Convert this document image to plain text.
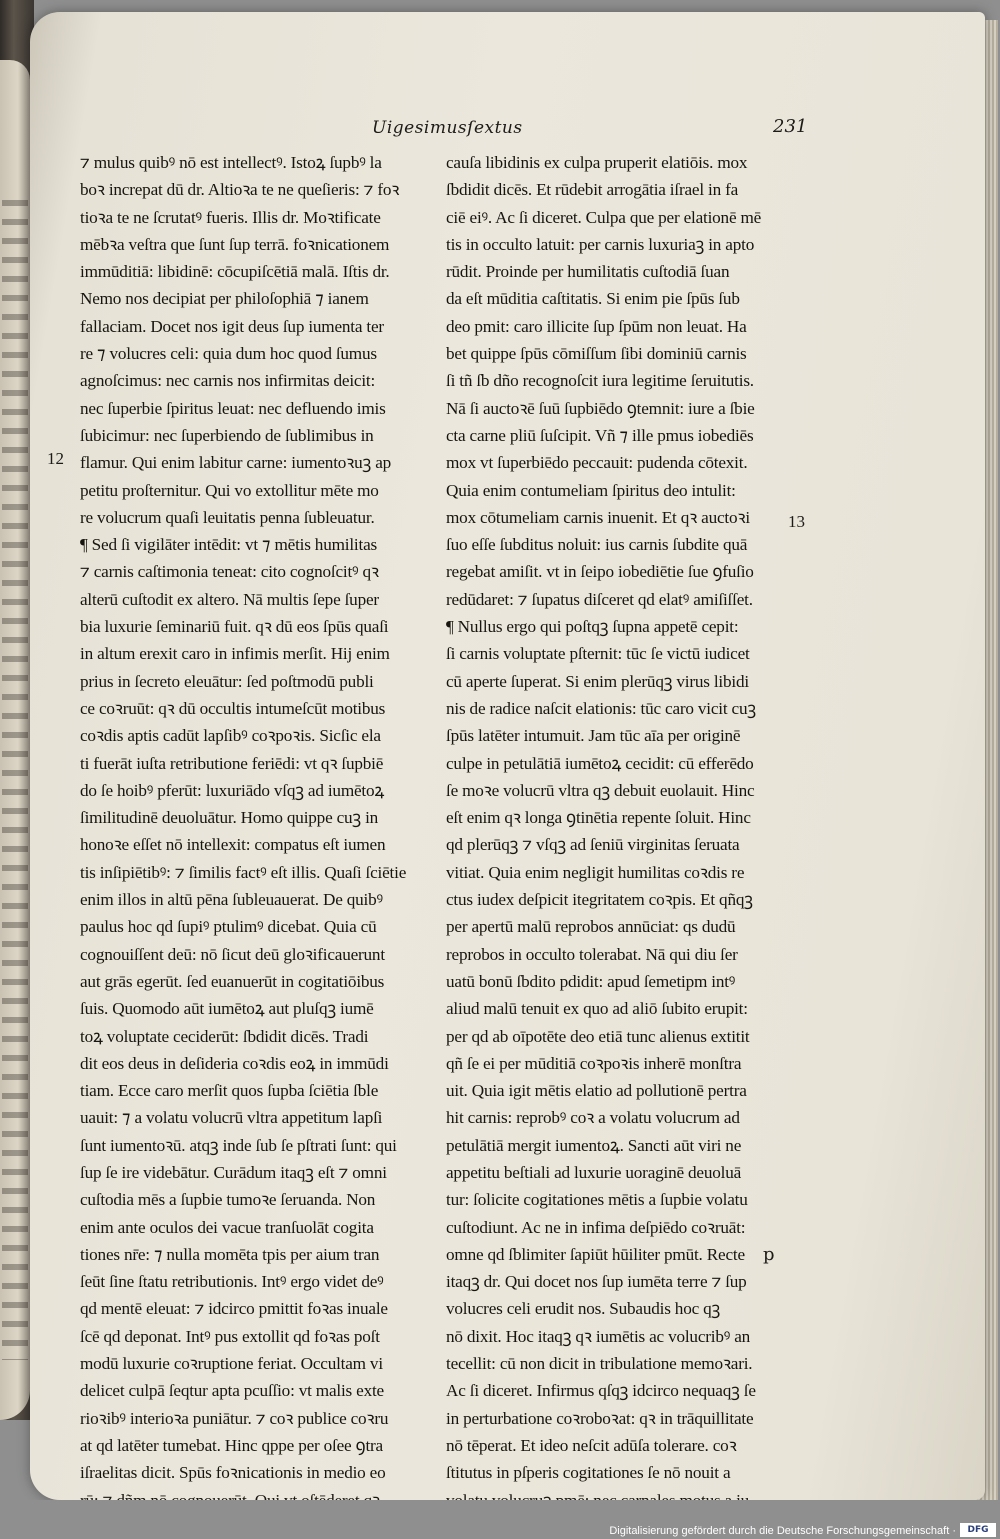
Uigesimusſextus	231
12
13
⁊ mulus quibꝰ nō est intellectꝰ. Istoꝝ ſupbꝰ la
boꝛ increpat dū dr. Altioꝛa te ne queſieris: ⁊ foꝛ
tioꝛa te ne ſcrutatꝰ fueris. Illis dr. Moꝛtificate
mēbꝛa veſtra que ſunt ſup terrā. foꝛnicationem
immūditiā: libidinē: cōcupiſcētiā malā. Iſtis dr.
Nemo nos decipiat per philoſophiā ⁊ ianem
fallaciam. Docet nos igit deus ſup iumenta ter
re ⁊ volucres celi: quia dum hoc quod ſumus
agnoſcimus: nec carnis nos infirmitas deicit:
nec ſuperbie ſpiritus leuat: nec defluendo imis
ſubicimur: nec ſuperbiendo de ſublimibus in
flamur. Qui enim labitur carne: iumentoꝛuꝫ ap
petitu proſternitur. Qui vo extollitur mēte mo
re volucrum quaſi leuitatis penna ſubleuatur.
¶ Sed ſi vigilāter intēdit: vt ⁊ mētis humilitas
⁊ carnis caſtimonia teneat: cito cognoſcitꝰ qꝛ
alterū cuſtodit ex altero. Nā multis ſepe ſuper
bia luxurie ſeminariū fuit. qꝛ dū eos ſpūs quaſi
in altum erexit caro in infimis merſit. Hij enim
prius in ſecreto eleuātur: ſed poſtmodū publi
ce coꝛruūt: qꝛ dū occultis intumeſcūt motibus
coꝛdis aptis cadūt lapſibꝰ coꝛpoꝛis. Sicſic ela
ti fuerāt iuſta retributione feriēdi: vt qꝛ ſupbiē
do ſe hoibꝰ pferūt: luxuriādo vſqꝫ ad iumētoꝝ
ſimilitudinē deuoluātur. Homo quippe cuꝫ in
honoꝛe eſſet nō intellexit: compatus eſt iumen
tis inſipiētibꝰ: ⁊ ſimilis factꝰ eſt illis. Quaſi ſciētie
enim illos in altū pēna ſubleuauerat. De quibꝰ
paulus hoc qd ſupiꝰ ptulimꝰ dicebat. Quia cū
cognouiſſent deū: nō ſicut deū gloꝛificauerunt
aut grās egerūt. ſed euanuerūt in cogitatiōibus
ſuis. Quomodo aūt iumētoꝝ aut pluſqꝫ iumē
toꝝ voluptate ceciderūt: ſbdidit dicēs. Tradi
dit eos deus in deſideria coꝛdis eoꝝ in immūdi
tiam. Ecce caro merſit quos ſupba ſciētia ſble
uauit: ⁊ a volatu volucrū vltra appetitum lapſi
ſunt iumentoꝛū. atqꝫ inde ſub ſe pſtrati ſunt: qui
ſup ſe ire videbātur. Curādum itaqꝫ eſt ⁊ omni
cuſtodia mēs a ſupbie tumoꝛe ſeruanda. Non
enim ante oculos dei vacue tranſuolāt cogita
tiones nr̄e: ⁊ nulla momēta tpis per aium tran
ſeūt ſine ſtatu retributionis. Intꝰ ergo videt deꝰ
qd mentē eleuat: ⁊ idcirco pmittit foꝛas inuale
ſcē qd deponat. Intꝰ pus extollit qd foꝛas poſt
modū luxurie coꝛruptione feriat. Occultam vi
delicet culpā ſeqtur apta pcuſſio: vt malis exte
rioꝛibꝰ interioꝛa puniātur. ⁊ coꝛ publice coꝛru
at qd latēter tumebat. Hinc qppe per oſee ꝯtra
iſraelitas dicit. Spūs foꝛnicationis in medio eo
cauſa libidinis ex culpa pruperit elatiōis. mox
ſbdidit dicēs. Et rūdebit arrogātia iſrael in fa
ciē eiꝰ. Ac ſi diceret. Culpa que per elationē mē
tis in occulto latuit: per carnis luxuriaꝫ in apto
rūdit. Proinde per humilitatis cuſtodiā ſuan
da eſt mūditia caſtitatis. Si enim pie ſpūs ſub
deo pmit: caro illicite ſup ſpūm non leuat. Ha
bet quippe ſpūs cōmiſſum ſibi dominiū carnis
ſi tñ ſb dño recognoſcit iura legitime ſeruitutis.
Nā ſi auctoꝛē ſuū ſupbiēdo ꝯtemnit: iure a ſbie
cta carne pliū ſuſcipit. Vñ ⁊ ille pmus iobediēs
mox vt ſuperbiēdo peccauit: pudenda cōtexit.
Quia enim contumeliam ſpiritus deo intulit:
mox cōtumeliam carnis inuenit. Et qꝛ auctoꝛi
ſuo eſſe ſubditus noluit: ius carnis ſubdite quā
regebat amiſit. vt in ſeipo iobediētie ſue ꝯfuſio
redūdaret: ⁊ ſupatus diſceret qd elatꝰ amiſiſſet.
¶ Nullus ergo qui poſtqꝫ ſupna appetē cepit:
ſi carnis voluptate pſternit: tūc ſe victū iudicet
cū aperte ſuperat. Si enim plerūqꝫ virus libidi
nis de radice naſcit elationis: tūc caro vicit cuꝫ
ſpūs latēter intumuit. Jam tūc aīa per originē
culpe in petulātiā iumētoꝝ cecidit: cū efferēdo
ſe moꝛe volucrū vltra qꝫ debuit euolauit. Hinc
eſt enim qꝛ longa ꝯtinētia repente ſoluit. Hinc
qd plerūqꝫ ⁊ vſqꝫ ad ſeniū virginitas ſeruata
vitiat. Quia enim negligit humilitas coꝛdis re
ctus iudex deſpicit itegritatem coꝛpis. Et qñqꝫ
per apertū malū reprobos annūciat: qs dudū
reprobos in occulto tolerabat. Nā qui diu ſer
uatū bonū ſbdito pdidit: apud ſemetipm intꝰ
aliud malū tenuit ex quo ad aliō ſubito erupit:
per qd ab oīpotēte deo etiā tunc alienus extitit
qñ ſe ei per mūditiā coꝛpoꝛis inherē monſtra
uit. Quia igit mētis elatio ad pollutionē pertra
hit carnis: reprobꝰ coꝛ a volatu volucrum ad
petulātiā mergit iumentoꝝ. Sancti aūt viri ne
appetitu beſtiali ad luxurie uoraginē deuoluā
tur: ſolicite cogitationes mētis a ſupbie volatu
cuſtodiunt. Ac ne in infima deſpiēdo coꝛruāt:
omne qd ſblimiter ſapiūt hūiliter pmūt. Recte
itaqꝫ dr. Qui docet nos ſup iumēta terre ⁊ ſup
volucres celi erudit nos. Subaudis hoc qꝫ
nō dixit. Hoc itaqꝫ qꝛ iumētis ac volucribꝰ an
tecellit: cū non dicit in tribulatione memoꝛari.
Ac ſi diceret. Infirmus qſqꝫ idcirco nequaqꝫ ſe
in perturbatione coꝛroboꝛat: qꝛ in trāquillitate
nō tēperat. Et ideo neſcit adūſa tolerare. coꝛ
ſtitutus in pſperis cogitationes ſe nō nouit a
p
Digitalisierung gefördert durch die Deutsche Forschungsgemeinschaft ·	DFG
